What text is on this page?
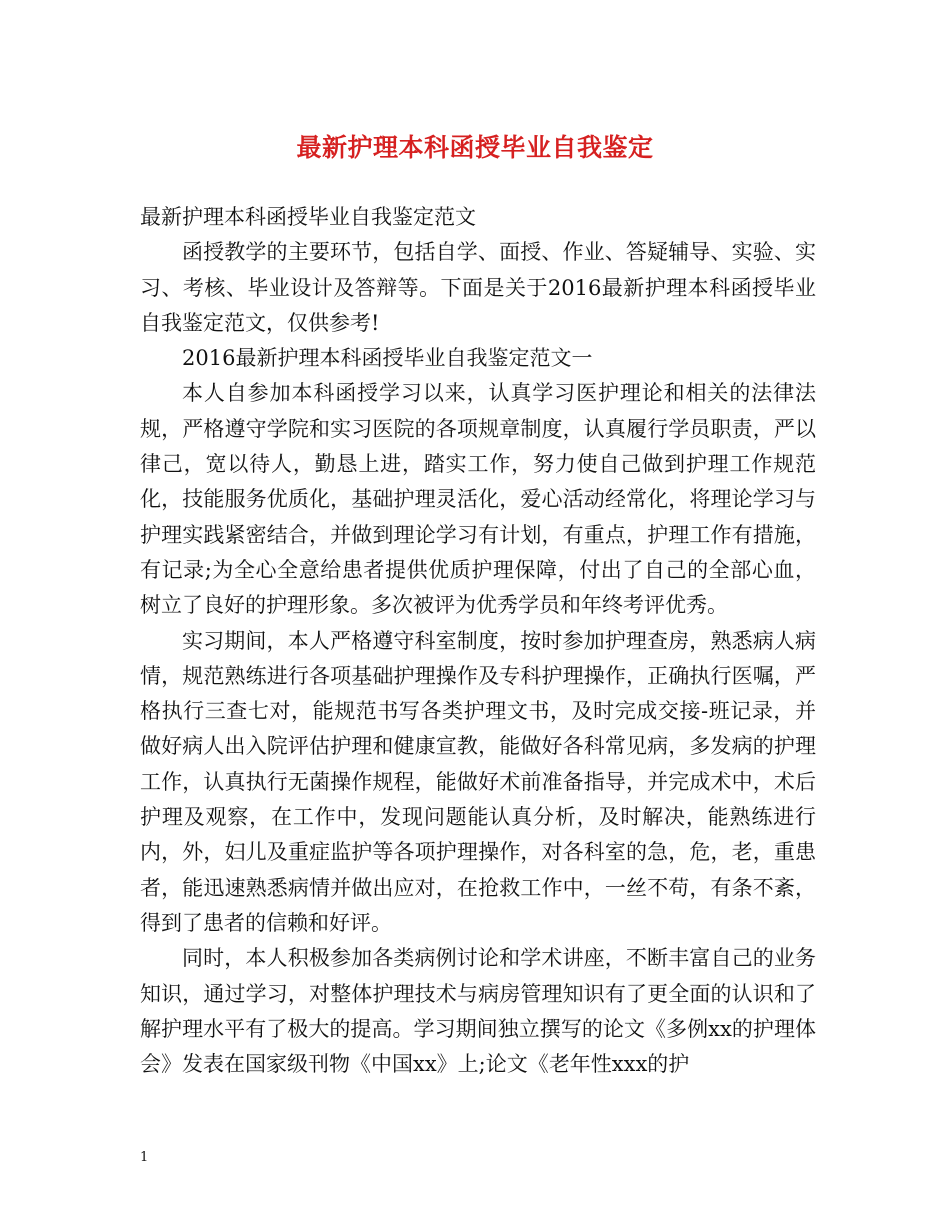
最新护理本科函授毕业自我鉴定

最新护理本科函授毕业自我鉴定范文

函授教学的主要环节，包括自学、面授、作业、答疑辅导、实验、实习、考核、毕业设计及答辩等。下面是关于2016最新护理本科函授毕业自我鉴定范文，仅供参考!

2016最新护理本科函授毕业自我鉴定范文一

本人自参加本科函授学习以来，认真学习医护理论和相关的法律法规，严格遵守学院和实习医院的各项规章制度，认真履行学员职责，严以律己，宽以待人，勤恳上进，踏实工作，努力使自己做到护理工作规范化，技能服务优质化，基础护理灵活化，爱心活动经常化，将理论学习与护理实践紧密结合，并做到理论学习有计划，有重点，护理工作有措施，有记录;为全心全意给患者提供优质护理保障，付出了自己的全部心血，树立了良好的护理形象。多次被评为优秀学员和年终考评优秀。

实习期间，本人严格遵守科室制度，按时参加护理查房，熟悉病人病情，规范熟练进行各项基础护理操作及专科护理操作，正确执行医嘱，严格执行三查七对，能规范书写各类护理文书，及时完成交接-班记录，并做好病人出入院评估护理和健康宣教，能做好各科常见病，多发病的护理工作，认真执行无菌操作规程，能做好术前准备指导，并完成术中，术后护理及观察，在工作中，发现问题能认真分析，及时解决，能熟练进行内，外，妇儿及重症监护等各项护理操作，对各科室的急，危，老，重患者，能迅速熟悉病情并做出应对，在抢救工作中，一丝不苟，有条不紊，得到了患者的信赖和好评。

同时，本人积极参加各类病例讨论和学术讲座，不断丰富自己的业务知识，通过学习，对整体护理技术与病房管理知识有了更全面的认识和了解护理水平有了极大的提高。学习期间独立撰写的论文《多例xx的护理体会》发表在国家级刊物《中国xx》上;论文《老年性xxx的护

1
